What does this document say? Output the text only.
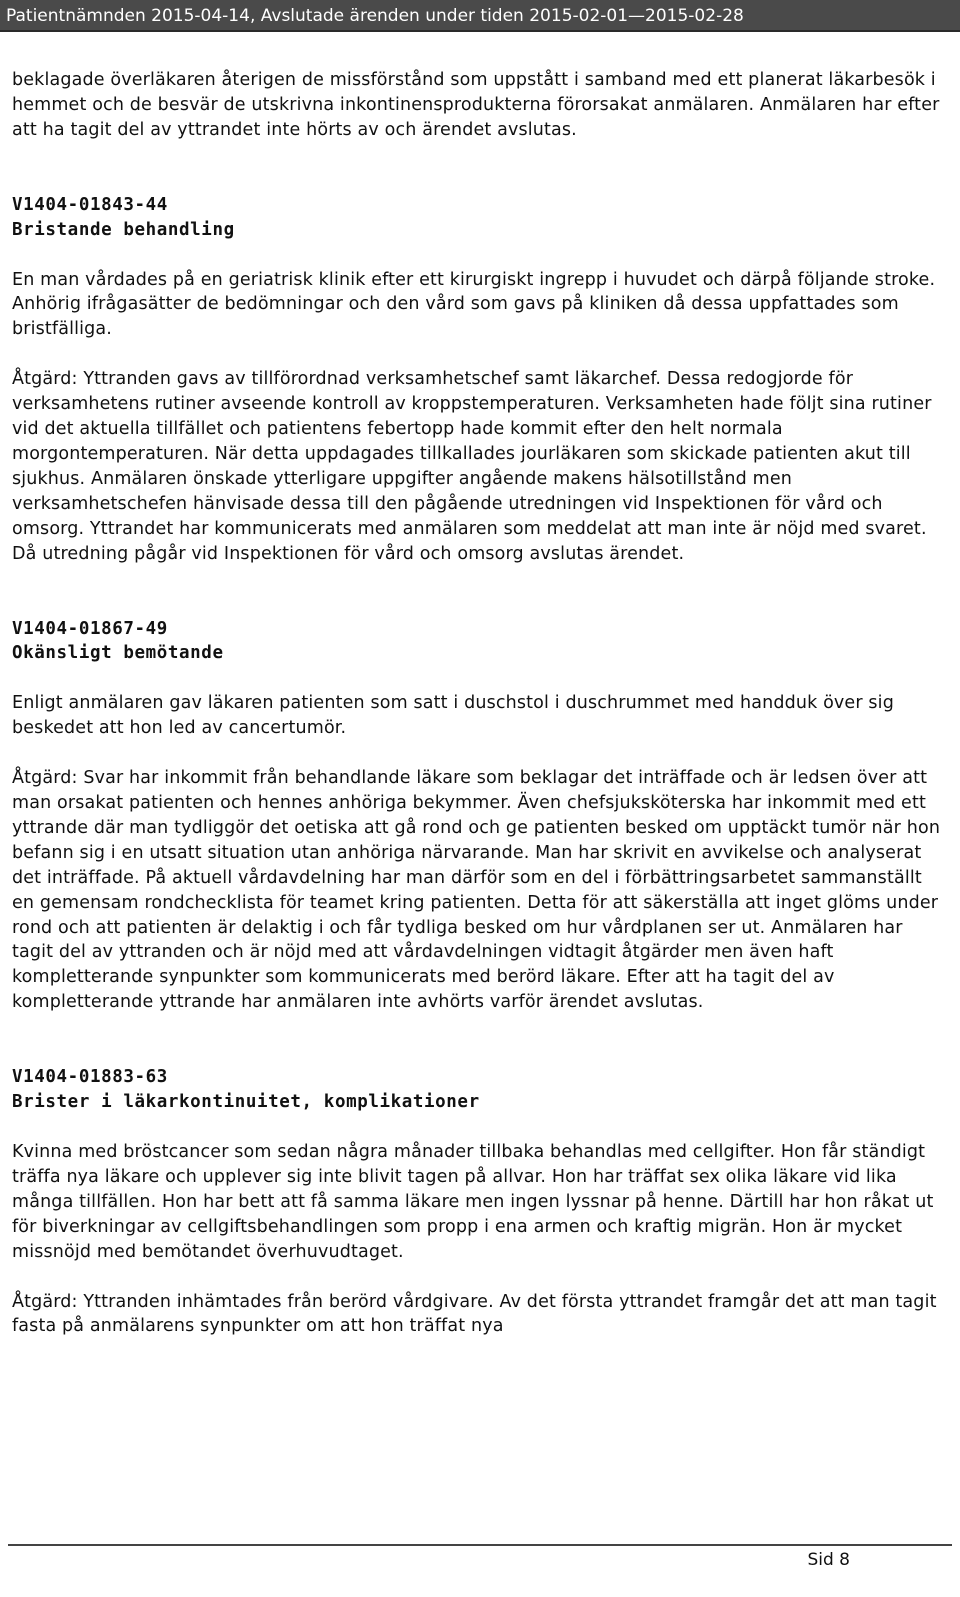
Patientnämnden 2015-04-14, Avslutade ärenden under tiden 2015-02-01—2015-02-28

beklagade överläkaren återigen de missförstånd som uppstått i samband med ett planerat läkarbesök i hemmet och de besvär de utskrivna inkontinensprodukterna förorsakat anmälaren. Anmälaren har efter att ha tagit del av yttrandet inte hörts av och ärendet avslutas.

V1404-01843-44
Bristande behandling

En man vårdades på en geriatrisk klinik efter ett kirurgiskt ingrepp i huvudet och därpå följande stroke. Anhörig ifrågasätter de bedömningar och den vård som gavs på kliniken då dessa uppfattades som bristfälliga.

Åtgärd: Yttranden gavs av tillförordnad verksamhetschef samt läkarchef. Dessa redogjorde för verksamhetens rutiner avseende kontroll av kroppstemperaturen. Verksamheten hade följt sina rutiner vid det aktuella tillfället och patientens febertopp hade kommit efter den helt normala morgontemperaturen. När detta uppdagades tillkallades jourläkaren som skickade patienten akut till sjukhus. Anmälaren önskade ytterligare uppgifter angående makens hälsotillstånd men verksamhetschefen hänvisade dessa till den pågående utredningen vid Inspektionen för vård och omsorg. Yttrandet har kommunicerats med anmälaren som meddelat att man inte är nöjd med svaret. Då utredning pågår vid Inspektionen för vård och omsorg avslutas ärendet.

V1404-01867-49
Okänsligt bemötande

Enligt anmälaren gav läkaren patienten som satt i duschstol i duschrummet med handduk över sig beskedet att hon led av cancertumör.

Åtgärd: Svar har inkommit från behandlande läkare som beklagar det inträffade och är ledsen över att man orsakat patienten och hennes anhöriga bekymmer. Även chefsjuksköterska har inkommit med ett yttrande där man tydliggör det oetiska att gå rond och ge patienten besked om upptäckt tumör när hon befann sig i en utsatt situation utan anhöriga närvarande. Man har skrivit en avvikelse och analyserat det inträffade. På aktuell vårdavdelning har man därför som en del i förbättringsarbetet sammanställt en gemensam rondchecklista för teamet kring patienten. Detta för att säkerställa att inget glöms under rond och att patienten är delaktig i och får tydliga besked om hur vårdplanen ser ut. Anmälaren har tagit del av yttranden och är nöjd med att vårdavdelningen vidtagit åtgärder men även haft kompletterande synpunkter som kommunicerats med berörd läkare. Efter att ha tagit del av kompletterande yttrande har anmälaren inte avhörts varför ärendet avslutas.

V1404-01883-63
Brister i läkarkontinuitet, komplikationer

Kvinna med bröstcancer som sedan några månader tillbaka behandlas med cellgifter. Hon får ständigt träffa nya läkare och upplever sig inte blivit tagen på allvar. Hon har träffat sex olika läkare vid lika många tillfällen. Hon har bett att få samma läkare men ingen lyssnar på henne. Därtill har hon råkat ut för biverkningar av cellgiftsbehandlingen som propp i ena armen och kraftig migrän. Hon är mycket missnöjd med bemötandet överhuvudtaget.

Åtgärd: Yttranden inhämtades från berörd vårdgivare. Av det första yttrandet framgår det att man tagit fasta på anmälarens synpunkter om att hon träffat nya

Sid 8
